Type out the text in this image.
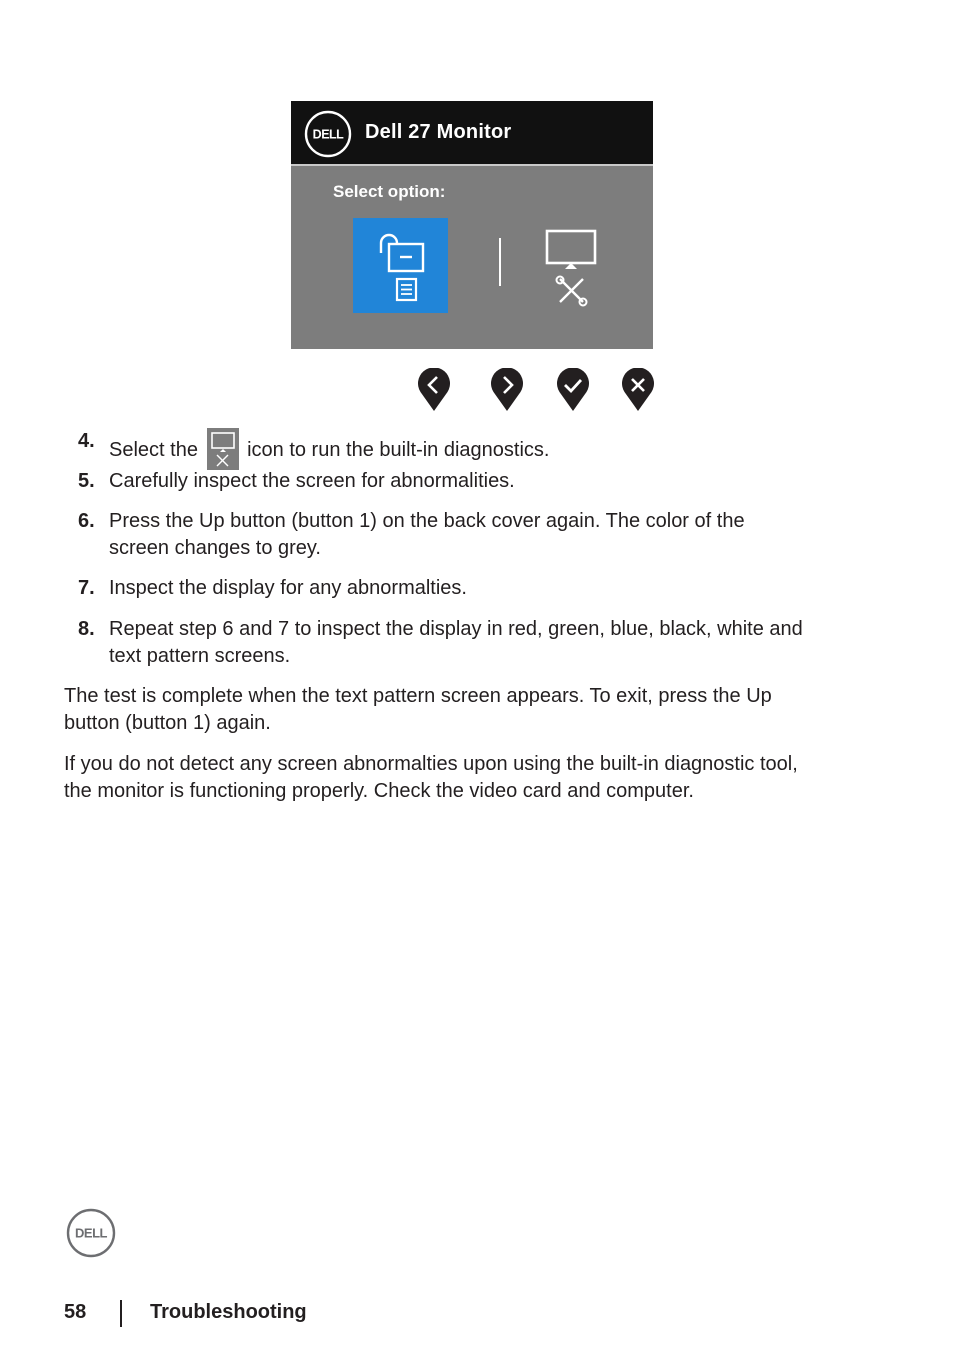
DELL Dell 27 Monitor
Select option:
4. Select the icon to run the built-in diagnostics.
5. Carefully inspect the screen for abnormalities.
6. Press the Up button (button 1) on the back cover again. The color of the
screen changes to grey.
7. Inspect the display for any abnormalties.
8. Repeat step 6 and 7 to inspect the display in red, green, blue, black, white and
text pattern screens.
The test is complete when the text pattern screen appears. To exit, press the Up
button (button 1) again.
If you do not detect any screen abnormalties upon using the built-in diagnostic tool,
the monitor is functioning properly. Check the video card and computer.
DELL
58	Troubleshooting
